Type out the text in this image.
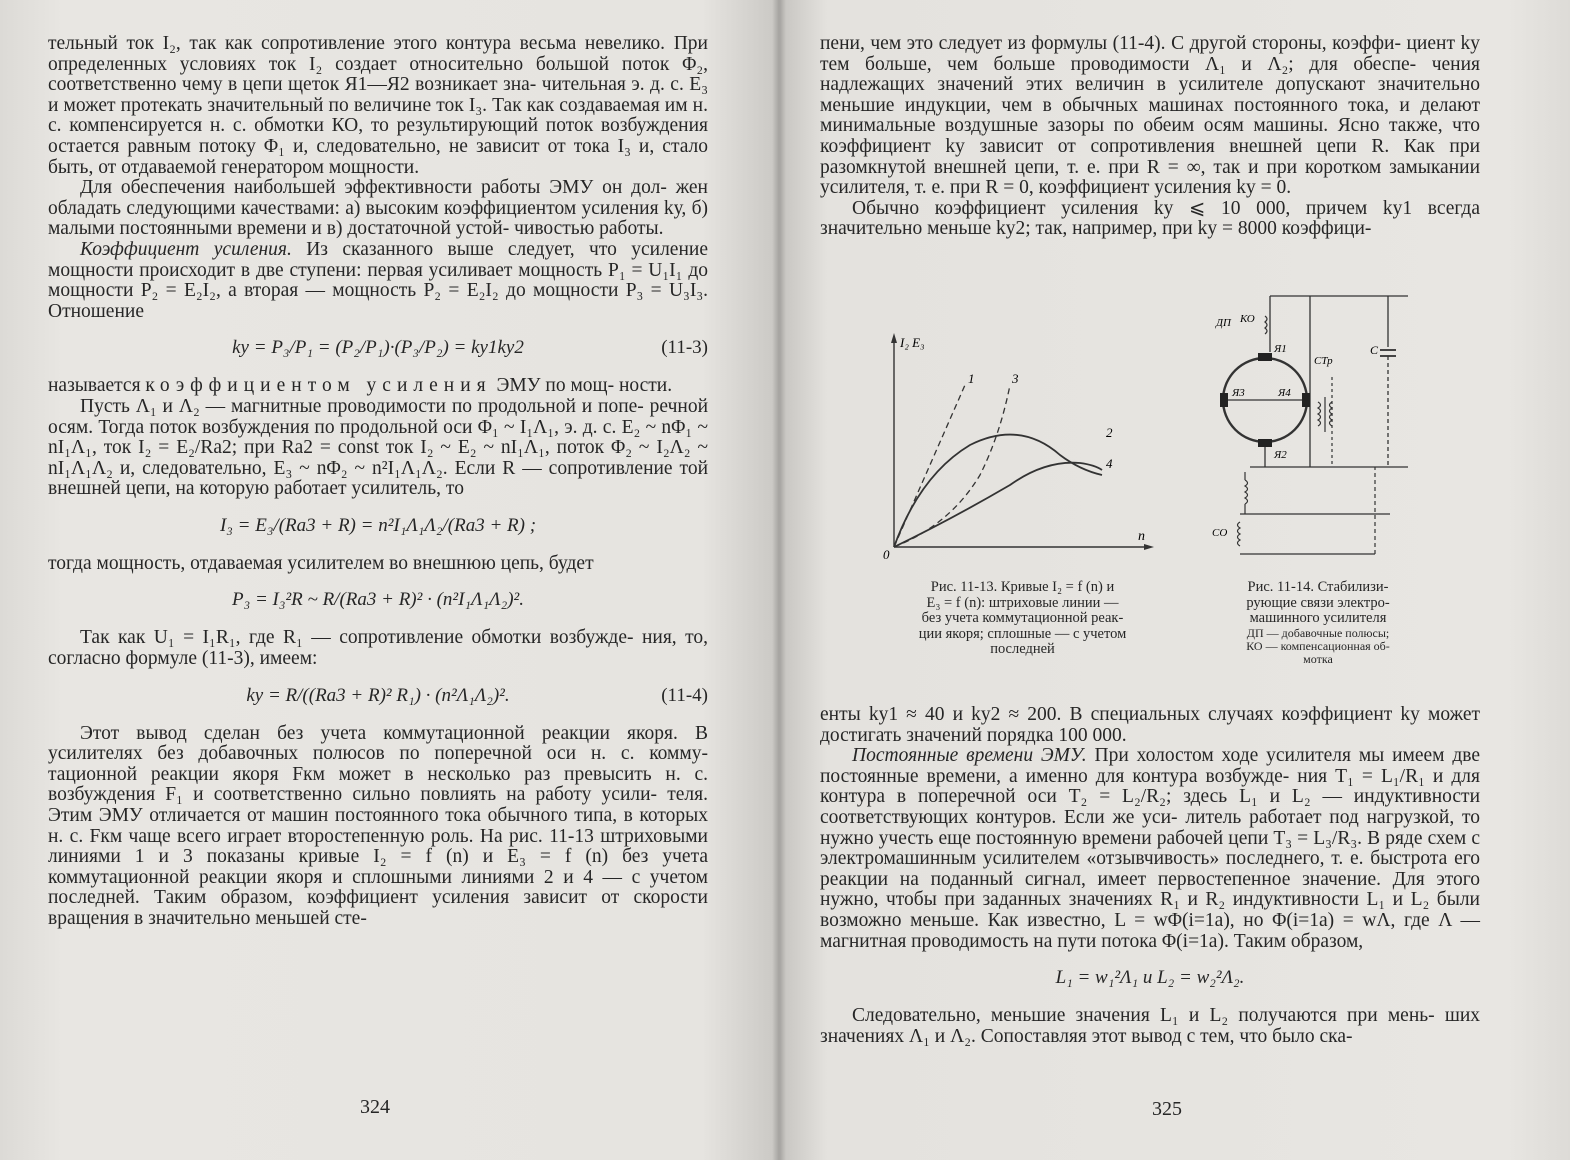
тельный ток I₂, так как сопротивление этого контура весьма невелико. При определенных условиях ток I₂ создает относительно большой поток Φ₂, соответственно чему в цепи щеток Я1—Я2 возникает зна- чительная э. д. с. E₃ и может протекать значительный по величине ток I₃. Так как создаваемая им н. с. компенсируется н. с. обмотки КО, то результирующий поток возбуждения остается равным потоку Φ₁ и, следовательно, не зависит от тока I₃ и, стало быть, от отдаваемой генератором мощности.

Для обеспечения наибольшей эффективности работы ЭМУ он дол- жен обладать следующими качествами: а) высоким коэффициентом усиления kу, б) малыми постоянными времени и в) достаточной устой- чивостью работы.

Коэффициент усиления. Из сказанного выше следует, что усиление мощности происходит в две ступени: первая усиливает мощность P₁ = U₁I₁ до мощности P₂ = E₂I₂, а вторая — мощность P₂ = E₂I₂ до мощности P₃ = U₃I₃. Отношение

kу = P₃/P₁ = (P₂/P₁)·(P₃/P₂) = kу1kу2	(11-3)

называется коэффициентом усиления ЭМУ по мощ- ности.

Пусть Λ₁ и Λ₂ — магнитные проводимости по продольной и попе- речной осям. Тогда поток возбуждения по продольной оси Φ₁ ~ I₁Λ₁, э. д. с. E₂ ~ nΦ₁ ~ nI₁Λ₁, ток I₂ = E₂/Rа2; при Rа2 = const ток I₂ ~ E₂ ~ nI₁Λ₁, поток Φ₂ ~ I₂Λ₂ ~ nI₁Λ₁Λ₂ и, следовательно, E₃ ~ nΦ₂ ~ n²I₁Λ₁Λ₂. Если R — сопротивление той внешней цепи, на которую работает усилитель, то

I₃ = E₃/(Rа3 + R) = n²I₁Λ₁Λ₂/(Rа3 + R) ;

тогда мощность, отдаваемая усилителем во внешнюю цепь, будет

P₃ = I₃²R ~ R/(Rа3 + R)² · (n²I₁Λ₁Λ₂)².

Так как U₁ = I₁R₁, где R₁ — сопротивление обмотки возбужде- ния, то, согласно формуле (11-3), имеем:

kу = R/((Rа3 + R)² R₁) · (n²Λ₁Λ₂)².	(11-4)

Этот вывод сделан без учета коммутационной реакции якоря. В усилителях без добавочных полюсов по поперечной оси н. с. комму- тационной реакции якоря Fкм может в несколько раз превысить н. с. возбуждения F₁ и соответственно сильно повлиять на работу усили- теля. Этим ЭМУ отличается от машин постоянного тока обычного типа, в которых н. с. Fкм чаще всего играет второстепенную роль. На рис. 11-13 штриховыми линиями 1 и 3 показаны кривые I₂ = f (n) и E₃ = f (n) без учета коммутационной реакции якоря и сплошными линиями 2 и 4 — с учетом последней. Таким образом, коэффициент усиления зависит от скорости вращения в значительно меньшей сте-

324

пени, чем это следует из формулы (11-4). С другой стороны, коэффи- циент kу тем больше, чем больше проводимости Λ₁ и Λ₂; для обеспе- чения надлежащих значений этих величин в усилителе допускают значительно меньшие индукции, чем в обычных машинах постоянного тока, и делают минимальные воздушные зазоры по обеим осям машины. Ясно также, что коэффициент kу зависит от сопротивления внешней цепи R. Как при разомкнутой внешней цепи, т. е. при R = ∞, так и при коротком замыкании усилителя, т. е. при R = 0, коэффициент усиления kу = 0.

Обычно коэффициент усиления kу ⩽ 10 000, причем kу1 всегда значительно меньше kу2; так, например, при kу = 8000 коэффици-

I₂ E₃
n
0
1	3
2
4
Рис. 11-13. Кривые I₂ = f (n) и
E₃ = f (n): штриховые линии —
без учета коммутационной реак-
ции якоря; сплошные — с учетом
последней
С
ДП КО
Я1
Я2
Я3	Я4
СТр
СО
Рис. 11-14. Стабилизи-
рующие связи электро-
машинного усилителя
ДП — добавочные полюсы;
КО — компенсационная об-
мотка

енты kу1 ≈ 40 и kу2 ≈ 200. В специальных случаях коэффициент kу может достигать значений порядка 100 000.

Постоянные времени ЭМУ. При холостом ходе усилителя мы имеем две постоянные времени, а именно для контура возбужде- ния T₁ = L₁/R₁ и для контура в поперечной оси T₂ = L₂/R₂; здесь L₁ и L₂ — индуктивности соответствующих контуров. Если же уси- литель работает под нагрузкой, то нужно учесть еще постоянную времени рабочей цепи T₃ = L₃/R₃. В ряде схем с электромашинным усилителем «отзывчивость» последнего, т. е. быстрота его реакции на поданный сигнал, имеет первостепенное значение. Для этого нужно, чтобы при заданных значениях R₁ и R₂ индуктивности L₁ и L₂ были возможно меньше. Как известно, L = wΦ(i=1a), но Φ(i=1a) = wΛ, где Λ — магнитная проводимость на пути потока Φ(i=1a). Таким образом,

L₁ = w₁²Λ₁ и L₂ = w₂²Λ₂.

Следовательно, меньшие значения L₁ и L₂ получаются при мень- ших значениях Λ₁ и Λ₂. Сопоставляя этот вывод с тем, что было ска-

325
